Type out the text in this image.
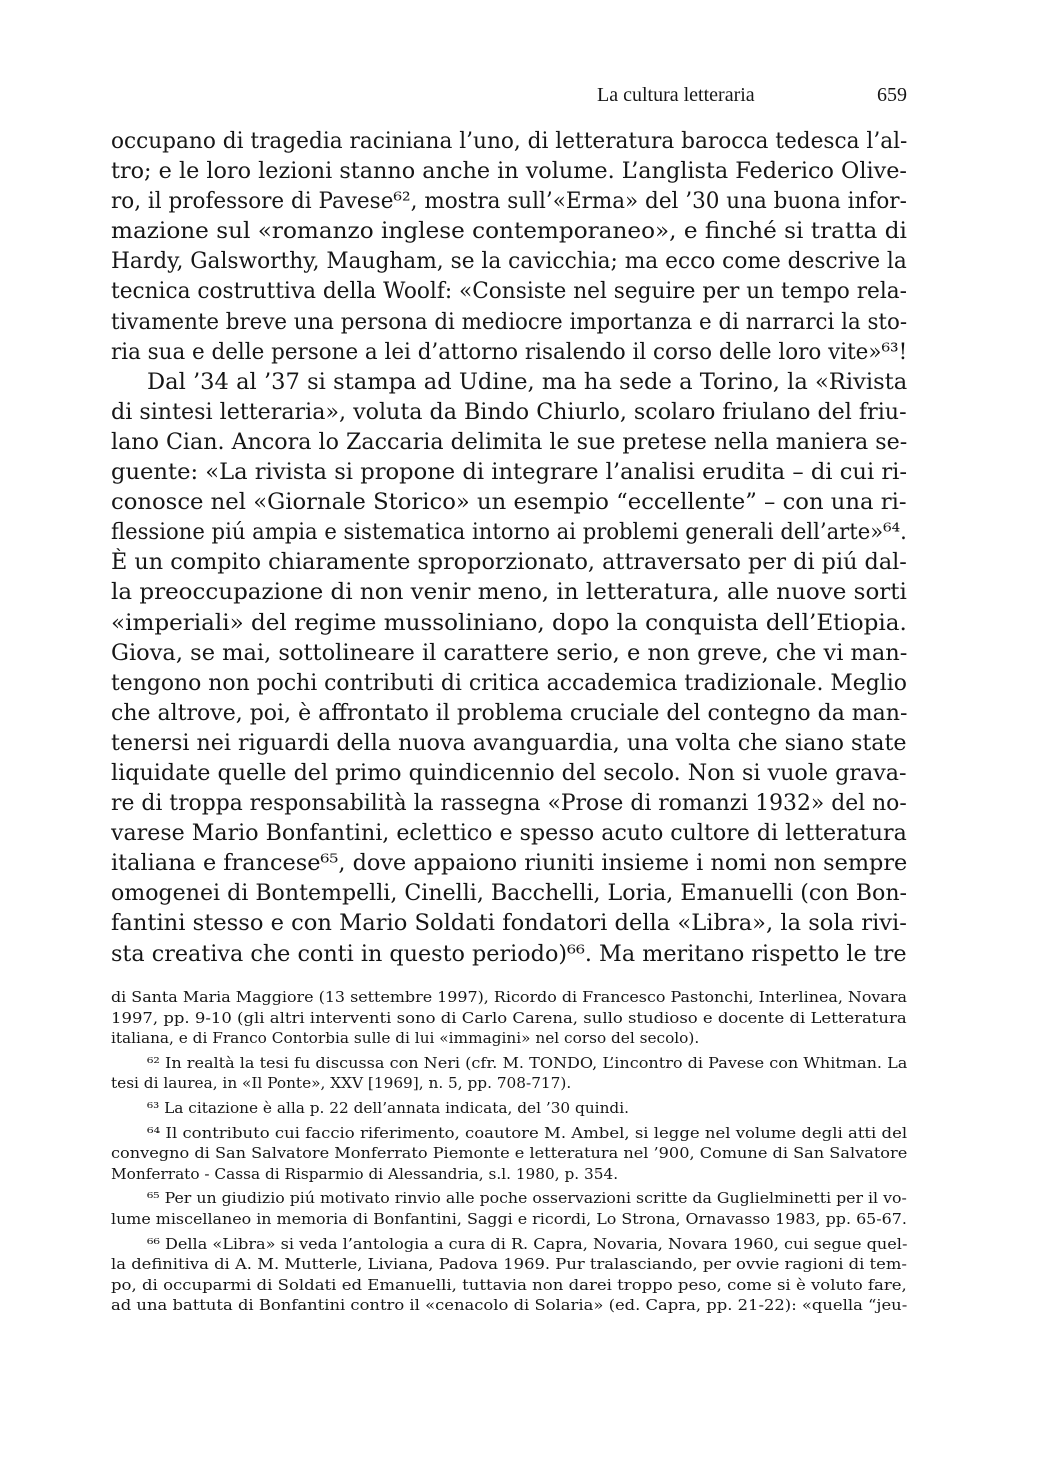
La cultura letteraria	659
occupano di tragedia raciniana l’uno, di letteratura barocca tedesca l’al-
tro; e le loro lezioni stanno anche in volume. L’anglista Federico Olive-
ro, il professore di Pavese⁶², mostra sull’«Erma» del ’30 una buona infor-
mazione sul «romanzo inglese contemporaneo», e finché si tratta di
Hardy, Galsworthy, Maugham, se la cavicchia; ma ecco come descrive la
tecnica costruttiva della Woolf: «Consiste nel seguire per un tempo rela-
tivamente breve una persona di mediocre importanza e di narrarci la sto-
ria sua e delle persone a lei d’attorno risalendo il corso delle loro vite»⁶³!
Dal ’34 al ’37 si stampa ad Udine, ma ha sede a Torino, la «Rivista
di sintesi letteraria», voluta da Bindo Chiurlo, scolaro friulano del friu-
lano Cian. Ancora lo Zaccaria delimita le sue pretese nella maniera se-
guente: «La rivista si propone di integrare l’analisi erudita – di cui ri-
conosce nel «Giornale Storico» un esempio “eccellente” – con una ri-
flessione piú ampia e sistematica intorno ai problemi generali dell’arte»⁶⁴.
È un compito chiaramente sproporzionato, attraversato per di piú dal-
la preoccupazione di non venir meno, in letteratura, alle nuove sorti
«imperiali» del regime mussoliniano, dopo la conquista dell’Etiopia.
Giova, se mai, sottolineare il carattere serio, e non greve, che vi man-
tengono non pochi contributi di critica accademica tradizionale. Meglio
che altrove, poi, è affrontato il problema cruciale del contegno da man-
tenersi nei riguardi della nuova avanguardia, una volta che siano state
liquidate quelle del primo quindicennio del secolo. Non si vuole grava-
re di troppa responsabilità la rassegna «Prose di romanzi 1932» del no-
varese Mario Bonfantini, eclettico e spesso acuto cultore di letteratura
italiana e francese⁶⁵, dove appaiono riuniti insieme i nomi non sempre
omogenei di Bontempelli, Cinelli, Bacchelli, Loria, Emanuelli (con Bon-
fantini stesso e con Mario Soldati fondatori della «Libra», la sola rivi-
sta creativa che conti in questo periodo)⁶⁶. Ma meritano rispetto le tre
di Santa Maria Maggiore (13 settembre 1997), Ricordo di Francesco Pastonchi, Interlinea, Novara
1997, pp. 9-10 (gli altri interventi sono di Carlo Carena, sullo studioso e docente di Letteratura
italiana, e di Franco Contorbia sulle di lui «immagini» nel corso del secolo).
⁶² In realtà la tesi fu discussa con Neri (cfr. M. TONDO, L’incontro di Pavese con Whitman. La
tesi di laurea, in «Il Ponte», XXV [1969], n. 5, pp. 708-717).
⁶³ La citazione è alla p. 22 dell’annata indicata, del ’30 quindi.
⁶⁴ Il contributo cui faccio riferimento, coautore M. Ambel, si legge nel volume degli atti del
convegno di San Salvatore Monferrato Piemonte e letteratura nel ’900, Comune di San Salvatore
Monferrato - Cassa di Risparmio di Alessandria, s.l. 1980, p. 354.
⁶⁵ Per un giudizio piú motivato rinvio alle poche osservazioni scritte da Guglielminetti per il vo-
lume miscellaneo in memoria di Bonfantini, Saggi e ricordi, Lo Strona, Ornavasso 1983, pp. 65-67.
⁶⁶ Della «Libra» si veda l’antologia a cura di R. Capra, Novaria, Novara 1960, cui segue quel-
la definitiva di A. M. Mutterle, Liviana, Padova 1969. Pur tralasciando, per ovvie ragioni di tem-
po, di occuparmi di Soldati ed Emanuelli, tuttavia non darei troppo peso, come si è voluto fare,
ad una battuta di Bonfantini contro il «cenacolo di Solaria» (ed. Capra, pp. 21-22): «quella “jeu-
